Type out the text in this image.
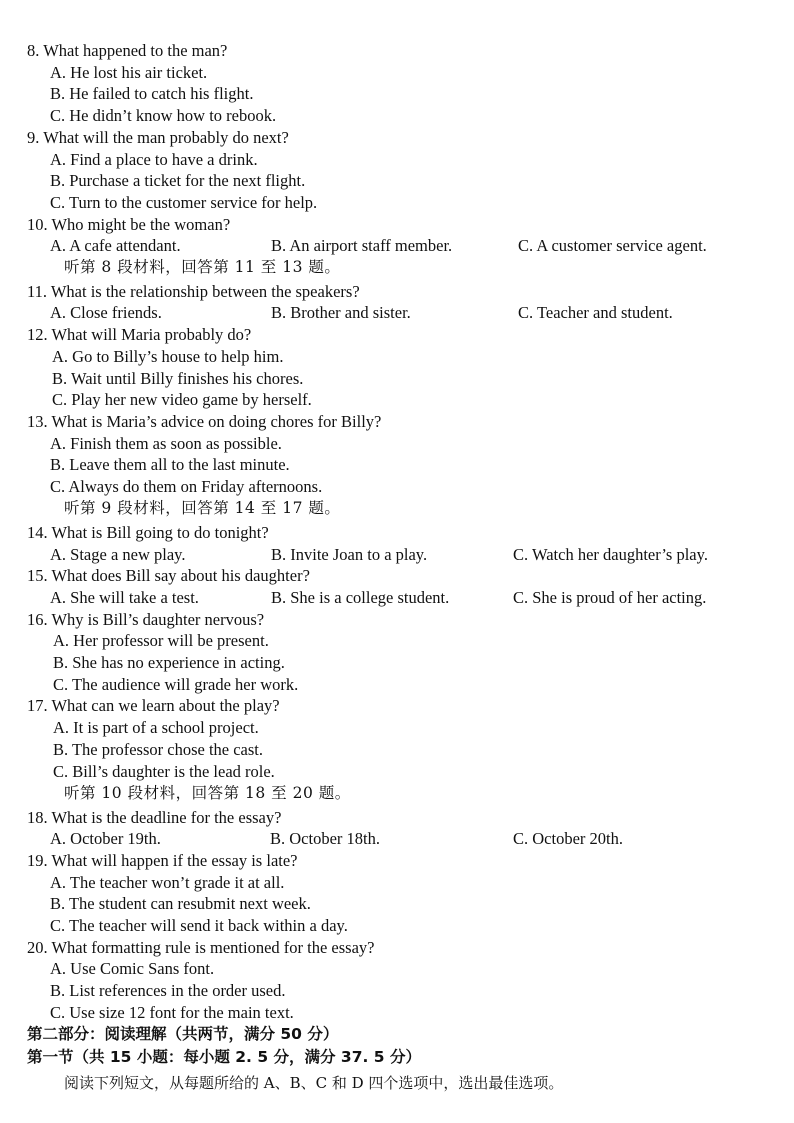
8. What happened to the man?
A. He lost his air ticket.
B. He failed to catch his flight.
C. He didn’t know how to rebook.
9. What will the man probably do next?
A. Find a place to have a drink.
B. Purchase a ticket for the next flight.
C. Turn to the customer service for help.
10. Who might be the woman?
A. A cafe attendant.	B. An airport staff member.	C. A customer service agent.
听第 8 段材料，回答第 11 至 13 题。
11. What is the relationship between the speakers?
A. Close friends.	B. Brother and sister.	C. Teacher and student.
12. What will Maria probably do?
A. Go to Billy’s house to help him.
B. Wait until Billy finishes his chores.
C. Play her new video game by herself.
13. What is Maria’s advice on doing chores for Billy?
A. Finish them as soon as possible.
B. Leave them all to the last minute.
C. Always do them on Friday afternoons.
听第 9 段材料，回答第 14 至 17 题。
14. What is Bill going to do tonight?
A. Stage a new play.	B. Invite Joan to a play.	C. Watch her daughter’s play.
15. What does Bill say about his daughter?
A. She will take a test.	B. She is a college student.	C. She is proud of her acting.
16. Why is Bill’s daughter nervous?
A. Her professor will be present.
B. She has no experience in acting.
C. The audience will grade her work.
17. What can we learn about the play?
A. It is part of a school project.
B. The professor chose the cast.
C. Bill’s daughter is the lead role.
听第 10 段材料，回答第 18 至 20 题。
18. What is the deadline for the essay?
A. October 19th.	B. October 18th.	C. October 20th.
19. What will happen if the essay is late?
A. The teacher won’t grade it at all.
B. The student can resubmit next week.
C. The teacher will send it back within a day.
20. What formatting rule is mentioned for the essay?
A. Use Comic Sans font.
B. List references in the order used.
C. Use size 12 font for the main text.
第二部分：阅读理解（共两节，满分 50 分）
第一节（共 15 小题：每小题 2. 5 分，满分 37. 5 分）
阅读下列短文，从每题所给的 A、B、C 和 D 四个选项中，选出最佳选项。
